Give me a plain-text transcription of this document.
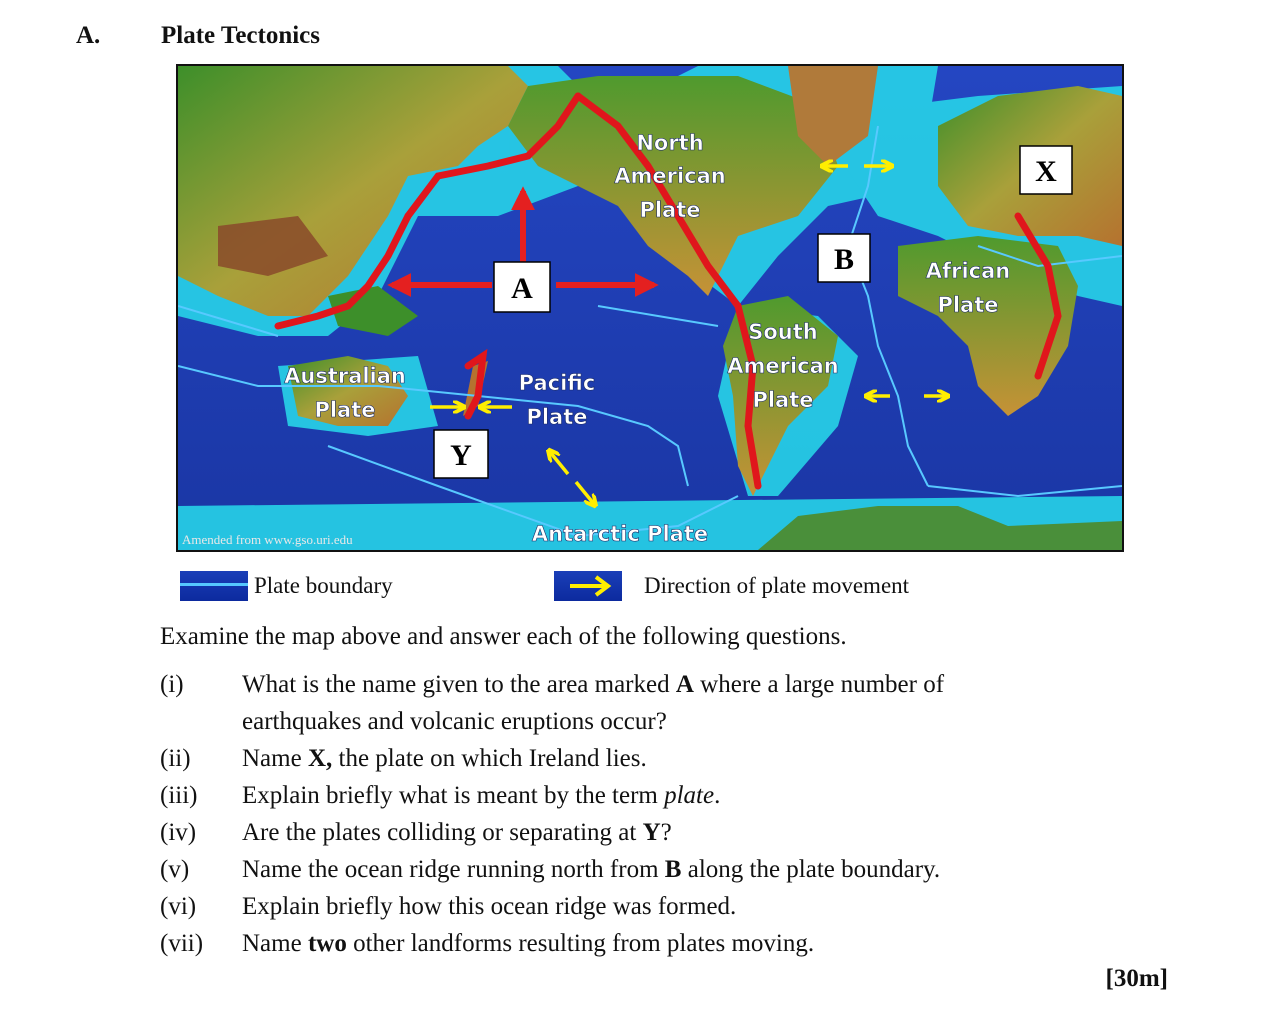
A. Plate Tectonics
North
American
Plate
African
Plate
South
American
Plate
Australian
Plate
Pacific
Plate
Antarctic Plate
A
B
X
Y
Amended from www.gso.uri.edu
Plate boundary	Direction of plate movement
Examine the map above and answer each of the following questions.
(i)	What is the name given to the area marked A where a large number of earthquakes and volcanic eruptions occur?
(ii)	Name X, the plate on which Ireland lies.
(iii)	Explain briefly what is meant by the term plate.
(iv)	Are the plates colliding or separating at Y?
(v)	Name the ocean ridge running north from B along the plate boundary.
(vi)	Explain briefly how this ocean ridge was formed.
(vii)	Name two other landforms resulting from plates moving.
[30m]
